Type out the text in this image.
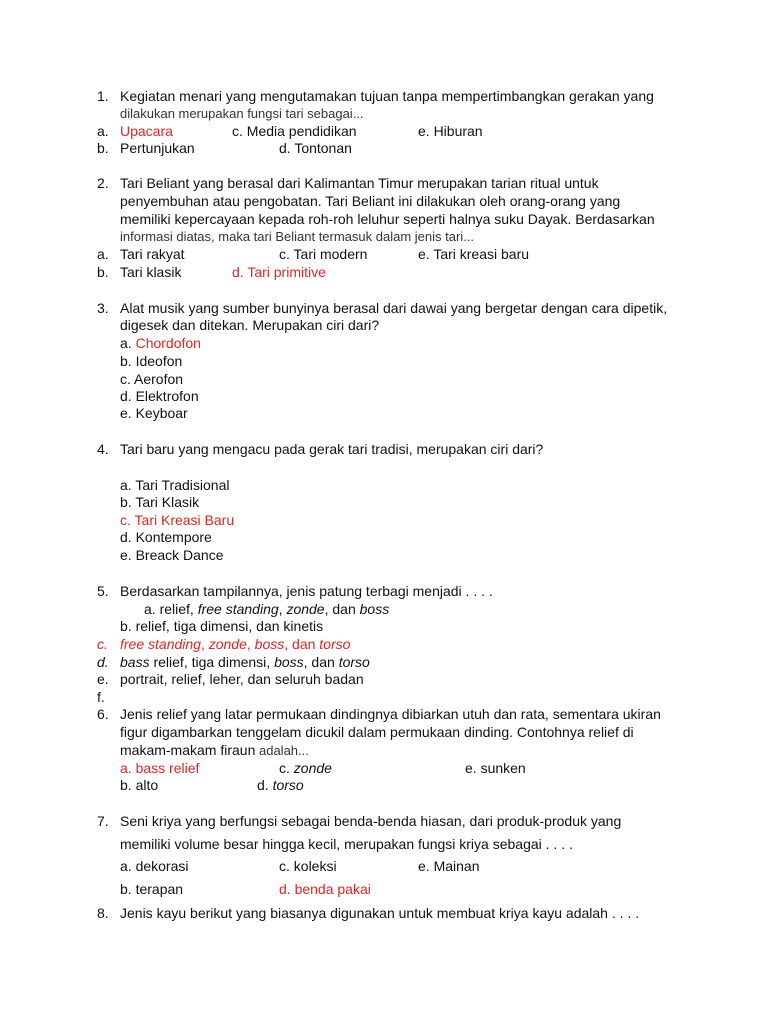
1. Kegiatan menari yang mengutamakan tujuan tanpa mempertimbangkan gerakan yang
dilakukan merupakan fungsi tari sebagai...
a. Upacara	c. Media pendidikan	e. Hiburan
b. Pertunjukan	d. Tontonan
2. Tari Beliant yang berasal dari Kalimantan Timur merupakan tarian ritual untuk
penyembuhan atau pengobatan. Tari Beliant ini dilakukan oleh orang-orang yang
memiliki kepercayaan kepada roh-roh leluhur seperti halnya suku Dayak. Berdasarkan
informasi diatas, maka tari Beliant termasuk dalam jenis tari...
a. Tari rakyat	c. Tari modern	e. Tari kreasi baru
b. Tari klasik	d. Tari primitive
3. Alat musik yang sumber bunyinya berasal dari dawai yang bergetar dengan cara dipetik,
digesek dan ditekan. Merupakan ciri dari?
a. Chordofon
b. Ideofon
c. Aerofon
d. Elektrofon
e. Keyboar
4. Tari baru yang mengacu pada gerak tari tradisi, merupakan ciri dari?
a. Tari Tradisional
b. Tari Klasik
c. Tari Kreasi Baru
d. Kontempore
e. Breack Dance
5. Berdasarkan tampilannya, jenis patung terbagi menjadi . . . .
a. relief, free standing, zonde, dan boss
b. relief, tiga dimensi, dan kinetis
c. free standing, zonde, boss, dan torso
d. bass relief, tiga dimensi, boss, dan torso
e. portrait, relief, leher, dan seluruh badan
f.
6. Jenis relief yang latar permukaan dindingnya dibiarkan utuh dan rata, sementara ukiran
figur digambarkan tenggelam dicukil dalam permukaan dinding. Contohnya relief di
makam-makam firaun adalah...
a. bass relief	c. zonde	e. sunken
b. alto	d. torso
7. Seni kriya yang berfungsi sebagai benda-benda hiasan, dari produk-produk yang
memiliki volume besar hingga kecil, merupakan fungsi kriya sebagai . . . .
a. dekorasi	c. koleksi	e. Mainan
b. terapan	d. benda pakai
8. Jenis kayu berikut yang biasanya digunakan untuk membuat kriya kayu adalah . . . .
